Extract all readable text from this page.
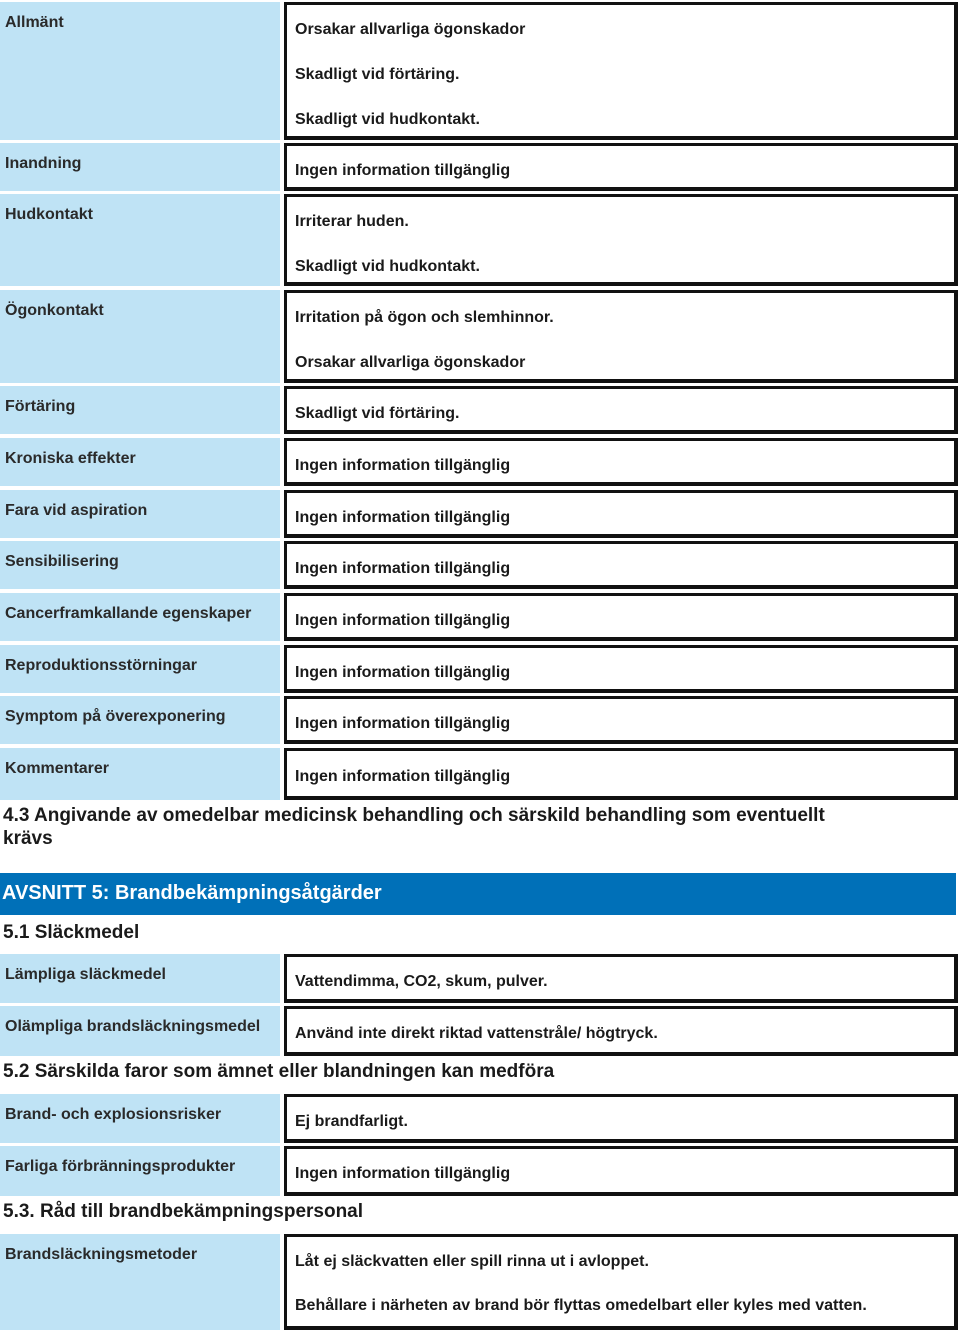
Allmänt	Orsakar allvarliga ögonskador
Skadligt vid förtäring.
Skadligt vid hudkontakt.
Inandning	Ingen information tillgänglig
Hudkontakt	Irriterar huden.
Skadligt vid hudkontakt.
Ögonkontakt	Irritation på ögon och slemhinnor.
Orsakar allvarliga ögonskador
Förtäring	Skadligt vid förtäring.
Kroniska effekter	Ingen information tillgänglig
Fara vid aspiration	Ingen information tillgänglig
Sensibilisering	Ingen information tillgänglig
Cancerframkallande egenskaper	Ingen information tillgänglig
Reproduktionsstörningar	Ingen information tillgänglig
Symptom på överexponering	Ingen information tillgänglig
Kommentarer	Ingen information tillgänglig
4.3 Angivande av omedelbar medicinsk behandling och särskild behandling som eventuellt krävs
AVSNITT 5: Brandbekämpningsåtgärder
5.1 Släckmedel
Lämpliga släckmedel	Vattendimma, CO2, skum, pulver.
Olämpliga brandsläckningsmedel	Använd inte direkt riktad vattenstråle/ högtryck.
5.2 Särskilda faror som ämnet eller blandningen kan medföra
Brand- och explosionsrisker	Ej brandfarligt.
Farliga förbränningsprodukter	Ingen information tillgänglig
5.3. Råd till brandbekämpningspersonal
Brandsläckningsmetoder	Låt ej släckvatten eller spill rinna ut i avloppet.
Behållare i närheten av brand bör flyttas omedelbart eller kyles med vatten.
